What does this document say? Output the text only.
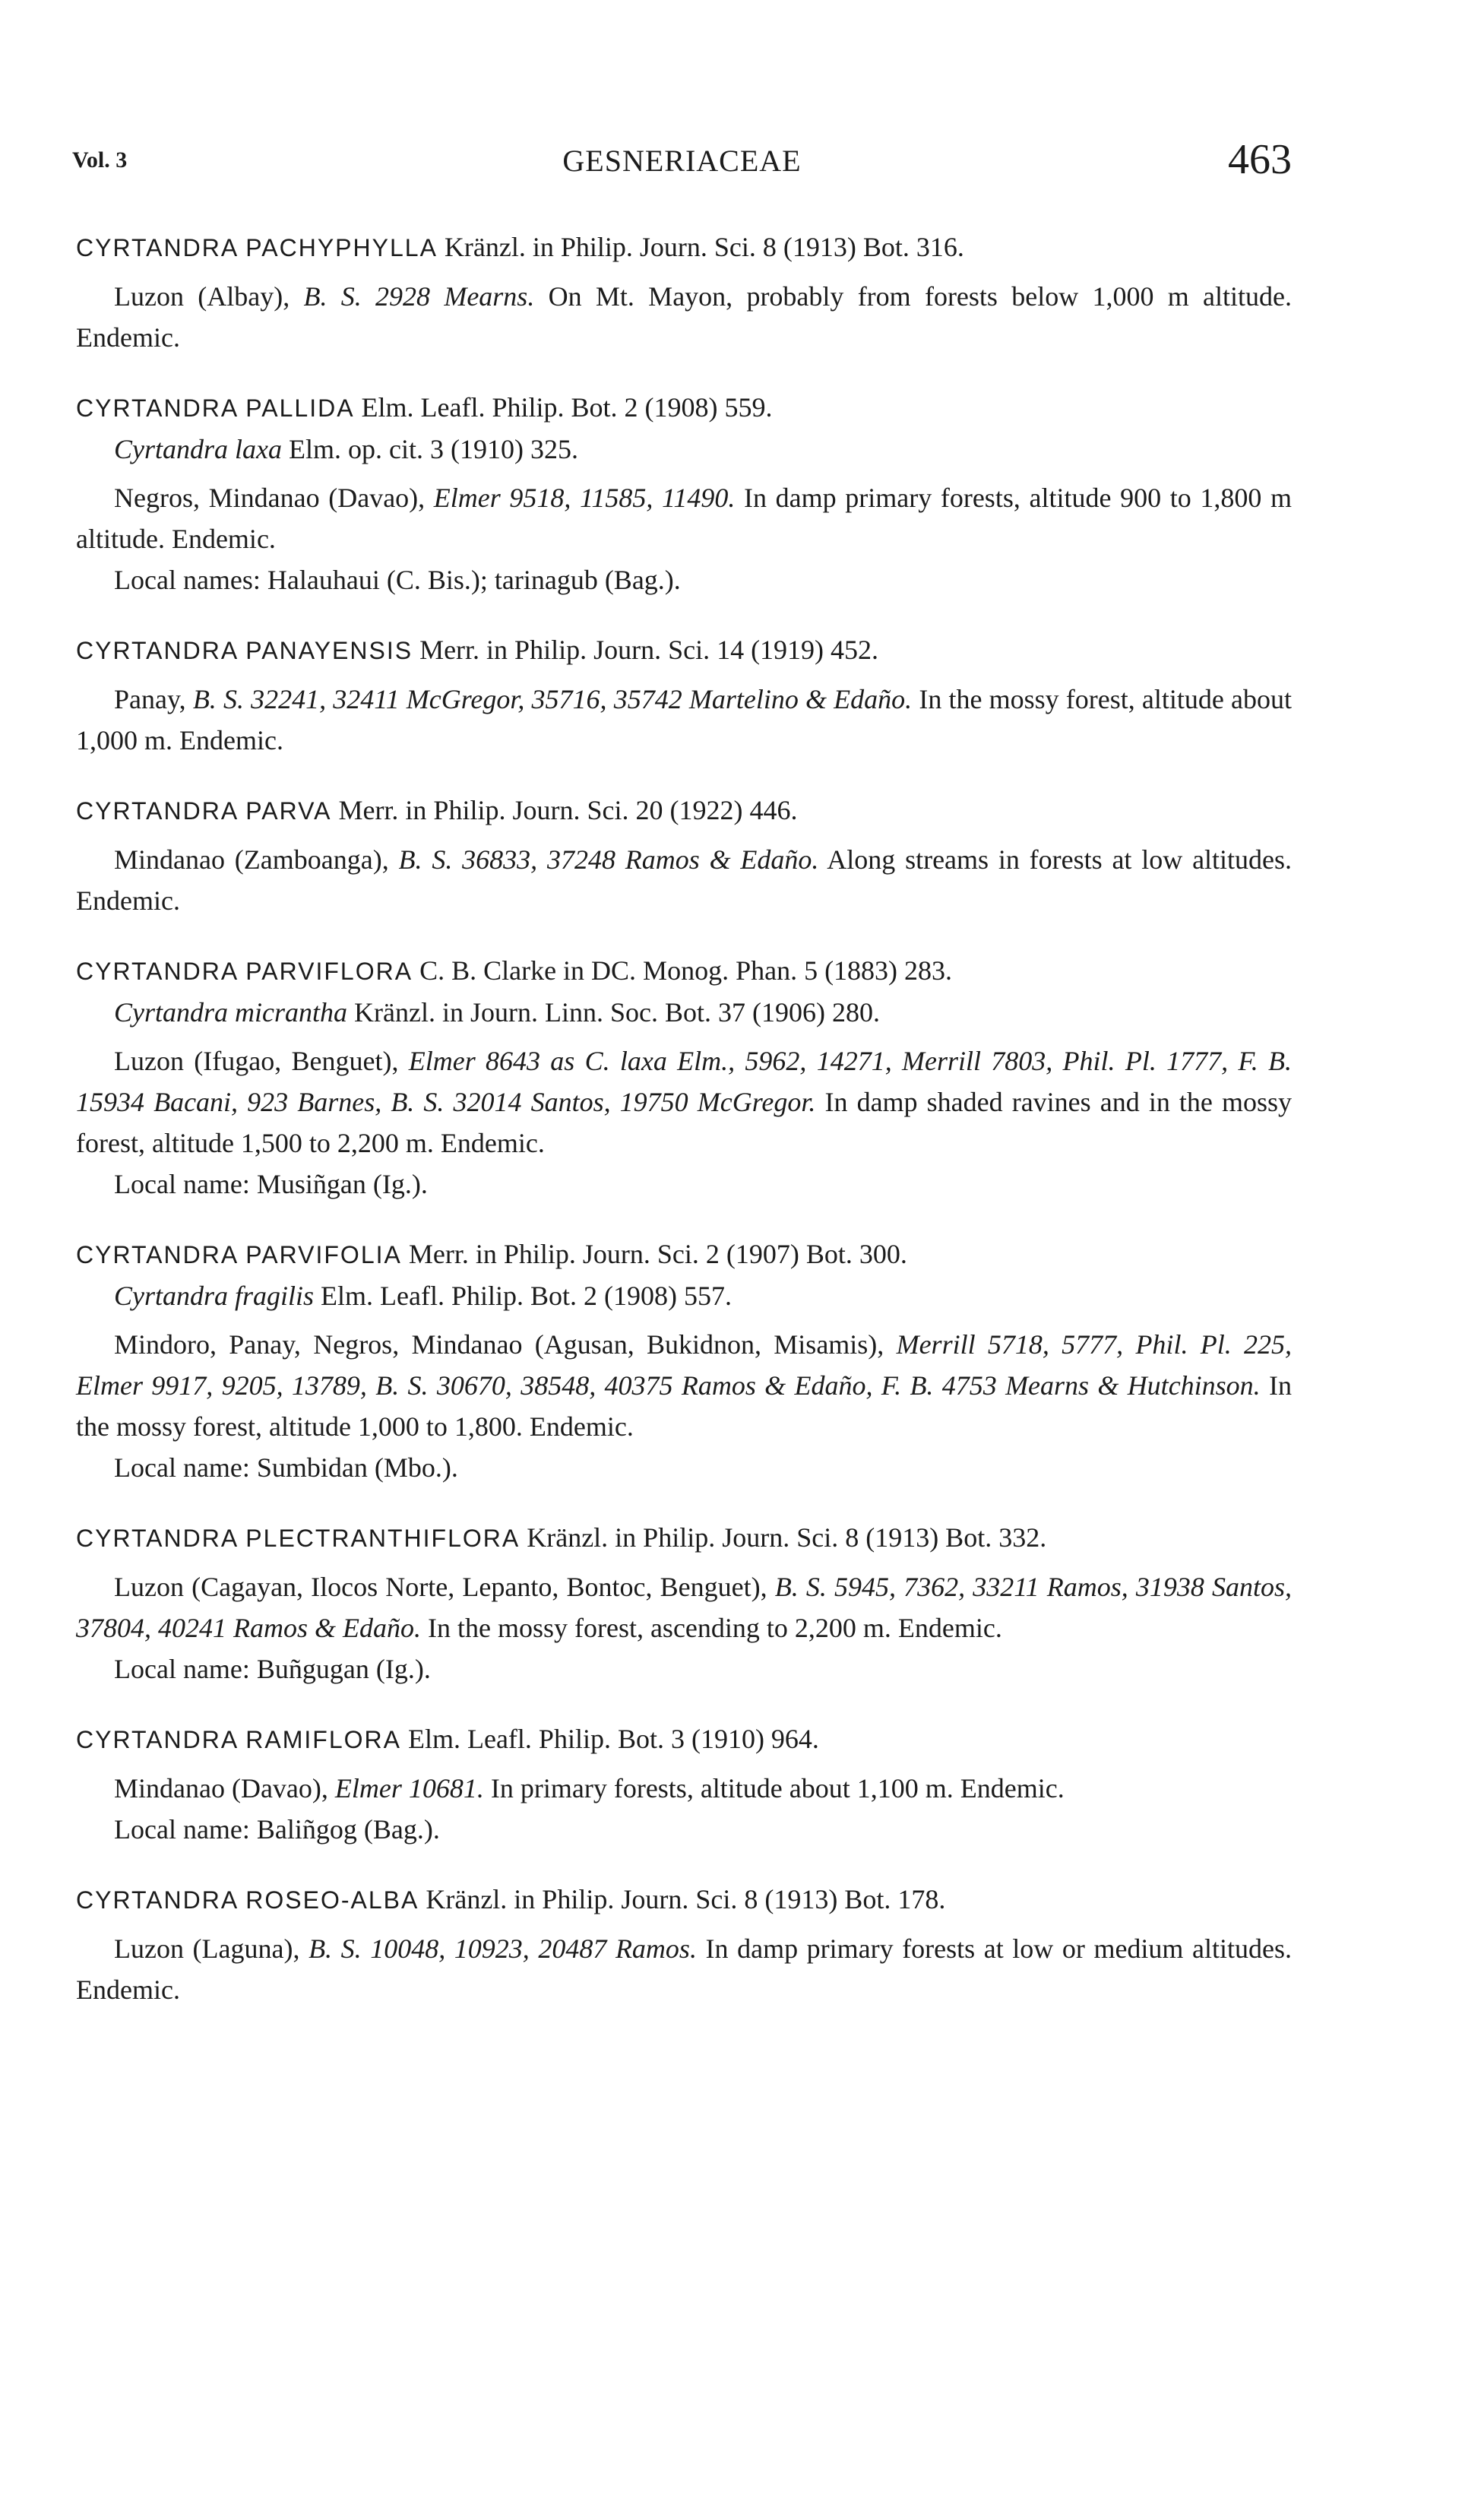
Vol. 3	GESNERIACEAE	463

CYRTANDRA PACHYPHYLLA Kränzl. in Philip. Journ. Sci. 8 (1913) Bot. 316.

Luzon (Albay), B. S. 2928 Mearns. On Mt. Mayon, probably from forests below 1,000 m altitude. Endemic.

CYRTANDRA PALLIDA Elm. Leafl. Philip. Bot. 2 (1908) 559.

Cyrtandra laxa Elm. op. cit. 3 (1910) 325.

Negros, Mindanao (Davao), Elmer 9518, 11585, 11490. In damp primary forests, altitude 900 to 1,800 m altitude. Endemic.

Local names: Halauhaui (C. Bis.); tarinagub (Bag.).

CYRTANDRA PANAYENSIS Merr. in Philip. Journ. Sci. 14 (1919) 452.

Panay, B. S. 32241, 32411 McGregor, 35716, 35742 Martelino & Edaño. In the mossy forest, altitude about 1,000 m. Endemic.

CYRTANDRA PARVA Merr. in Philip. Journ. Sci. 20 (1922) 446.

Mindanao (Zamboanga), B. S. 36833, 37248 Ramos & Edaño. Along streams in forests at low altitudes. Endemic.

CYRTANDRA PARVIFLORA C. B. Clarke in DC. Monog. Phan. 5 (1883) 283.

Cyrtandra micrantha Kränzl. in Journ. Linn. Soc. Bot. 37 (1906) 280.

Luzon (Ifugao, Benguet), Elmer 8643 as C. laxa Elm., 5962, 14271, Merrill 7803, Phil. Pl. 1777, F. B. 15934 Bacani, 923 Barnes, B. S. 32014 Santos, 19750 McGregor. In damp shaded ravines and in the mossy forest, altitude 1,500 to 2,200 m. Endemic.

Local name: Musiñgan (Ig.).

CYRTANDRA PARVIFOLIA Merr. in Philip. Journ. Sci. 2 (1907) Bot. 300.

Cyrtandra fragilis Elm. Leafl. Philip. Bot. 2 (1908) 557.

Mindoro, Panay, Negros, Mindanao (Agusan, Bukidnon, Misamis), Merrill 5718, 5777, Phil. Pl. 225, Elmer 9917, 9205, 13789, B. S. 30670, 38548, 40375 Ramos & Edaño, F. B. 4753 Mearns & Hutchinson. In the mossy forest, altitude 1,000 to 1,800. Endemic.

Local name: Sumbidan (Mbo.).

CYRTANDRA PLECTRANTHIFLORA Kränzl. in Philip. Journ. Sci. 8 (1913) Bot. 332.

Luzon (Cagayan, Ilocos Norte, Lepanto, Bontoc, Benguet), B. S. 5945, 7362, 33211 Ramos, 31938 Santos, 37804, 40241 Ramos & Edaño. In the mossy forest, ascending to 2,200 m. Endemic.

Local name: Buñgugan (Ig.).

CYRTANDRA RAMIFLORA Elm. Leafl. Philip. Bot. 3 (1910) 964.

Mindanao (Davao), Elmer 10681. In primary forests, altitude about 1,100 m. Endemic.

Local name: Baliñgog (Bag.).

CYRTANDRA ROSEO-ALBA Kränzl. in Philip. Journ. Sci. 8 (1913) Bot. 178.

Luzon (Laguna), B. S. 10048, 10923, 20487 Ramos. In damp primary forests at low or medium altitudes. Endemic.
